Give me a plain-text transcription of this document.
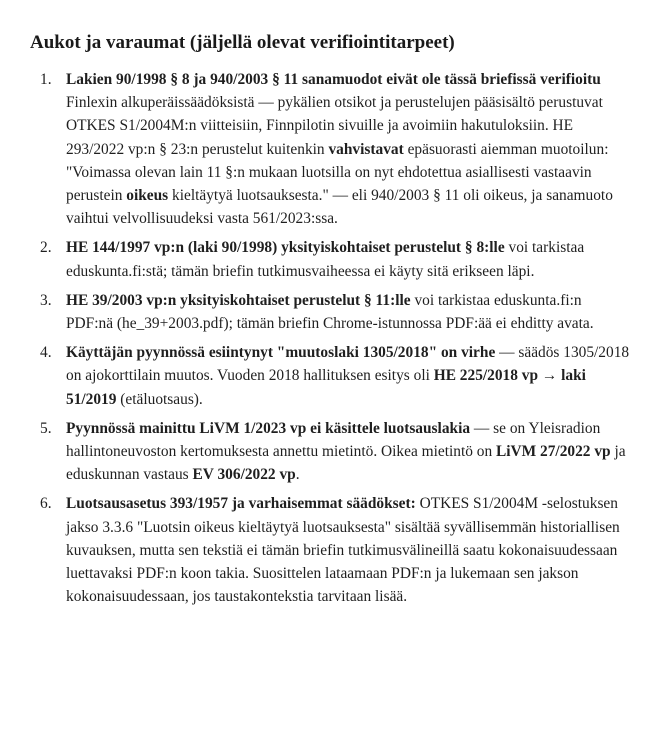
Aukot ja varaumat (jäljellä olevat verifiointitarpeet)
1. Lakien 90/1998 § 8 ja 940/2003 § 11 sanamuodot eivät ole tässä briefissä verifioitu Finlexin alkuperäissäädöksistä — pykälien otsikot ja perustelujen pääsisältö perustuvat OTKES S1/2004M:n viitteisiin, Finnpilotin sivuille ja avoimiin hakutuloksiin. HE 293/2022 vp:n § 23:n perustelut kuitenkin vahvistavat epäsuorasti aiemman muotoilun: "Voimassa olevan lain 11 §:n mukaan luotsilla on nyt ehdotettua asiallisesti vastaavin perustein oikeus kieltäytyä luotsauksesta." — eli 940/2003 § 11 oli oikeus, ja sanamuoto vaihtui velvollisuudeksi vasta 561/2023:ssa.
2. HE 144/1997 vp:n (laki 90/1998) yksityiskohtaiset perustelut § 8:lle voi tarkistaa eduskunta.fi:stä; tämän briefin tutkimusvaiheessa ei käyty sitä erikseen läpi.
3. HE 39/2003 vp:n yksityiskohtaiset perustelut § 11:lle voi tarkistaa eduskunta.fi:n PDF:nä (he_39+2003.pdf); tämän briefin Chrome-istunnossa PDF:ää ei ehditty avata.
4. Käyttäjän pyynnössä esiintynyt "muutoslaki 1305/2018" on virhe — säädös 1305/2018 on ajokorttilain muutos. Vuoden 2018 hallituksen esitys oli HE 225/2018 vp → laki 51/2019 (etäluotsaus).
5. Pyynnössä mainittu LiVM 1/2023 vp ei käsittele luotsauslakia — se on Yleisradion hallintoneuvoston kertomuksesta annettu mietintö. Oikea mietintö on LiVM 27/2022 vp ja eduskunnan vastaus EV 306/2022 vp.
6. Luotsausasetus 393/1957 ja varhaisemmat säädökset: OTKES S1/2004M -selostuksen jakso 3.3.6 "Luotsin oikeus kieltäytyä luotsauksesta" sisältää syvällisemmän historiallisen kuvauksen, mutta sen tekstiä ei tämän briefin tutkimusvälineillä saatu kokonaisuudessaan luettavaksi PDF:n koon takia. Suosittelen lataamaan PDF:n ja lukemaan sen jakson kokonaisuudessaan, jos taustakontekstia tarvitaan lisää.
